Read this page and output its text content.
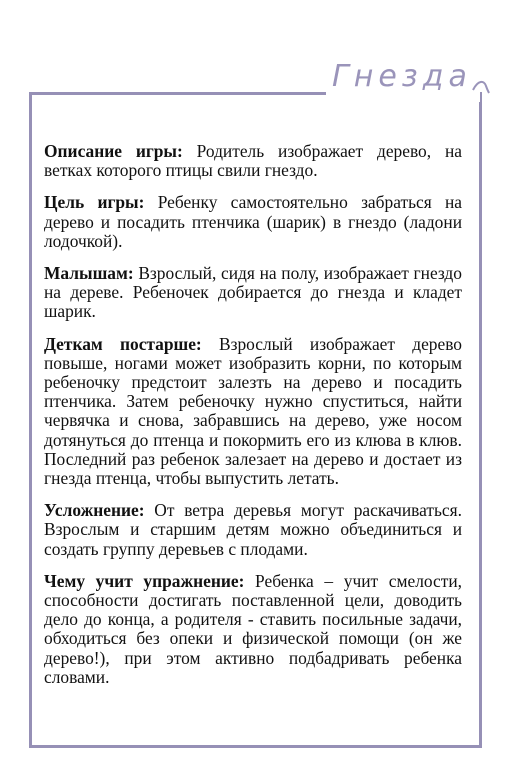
Гнезда

Описание игры: Родитель изображает дерево, на ветках которого птицы свили гнездо.

Цель игры: Ребенку самостоятельно забраться на дерево и посадить птенчика (шарик) в гнездо (ладони лодочкой).

Малышам: Взрослый, сидя на полу, изображает гнездо на дереве. Ребеночек добирается до гнезда и кладет шарик.

Деткам постарше: Взрослый изображает дерево повыше, ногами может изобразить корни, по которым ребеночку предстоит залезть на дерево и посадить птенчика. Затем ребеночку нужно спуститься, найти червячка и снова, забравшись на дерево, уже носом дотянуться до птенца и покормить его из клюва в клюв. Последний раз ребенок залезает на дерево и достает из гнезда птенца, чтобы выпустить летать.

Усложнение: От ветра деревья могут раскачиваться. Взрослым и старшим детям можно объединиться и создать группу деревьев с плодами.

Чему учит упражнение: Ребенка – учит смелости, способности достигать поставленной цели, доводить дело до конца, а родителя - ставить посильные задачи, обходиться без опеки и физической помощи (он же дерево!), при этом активно подбадривать ребенка словами.
